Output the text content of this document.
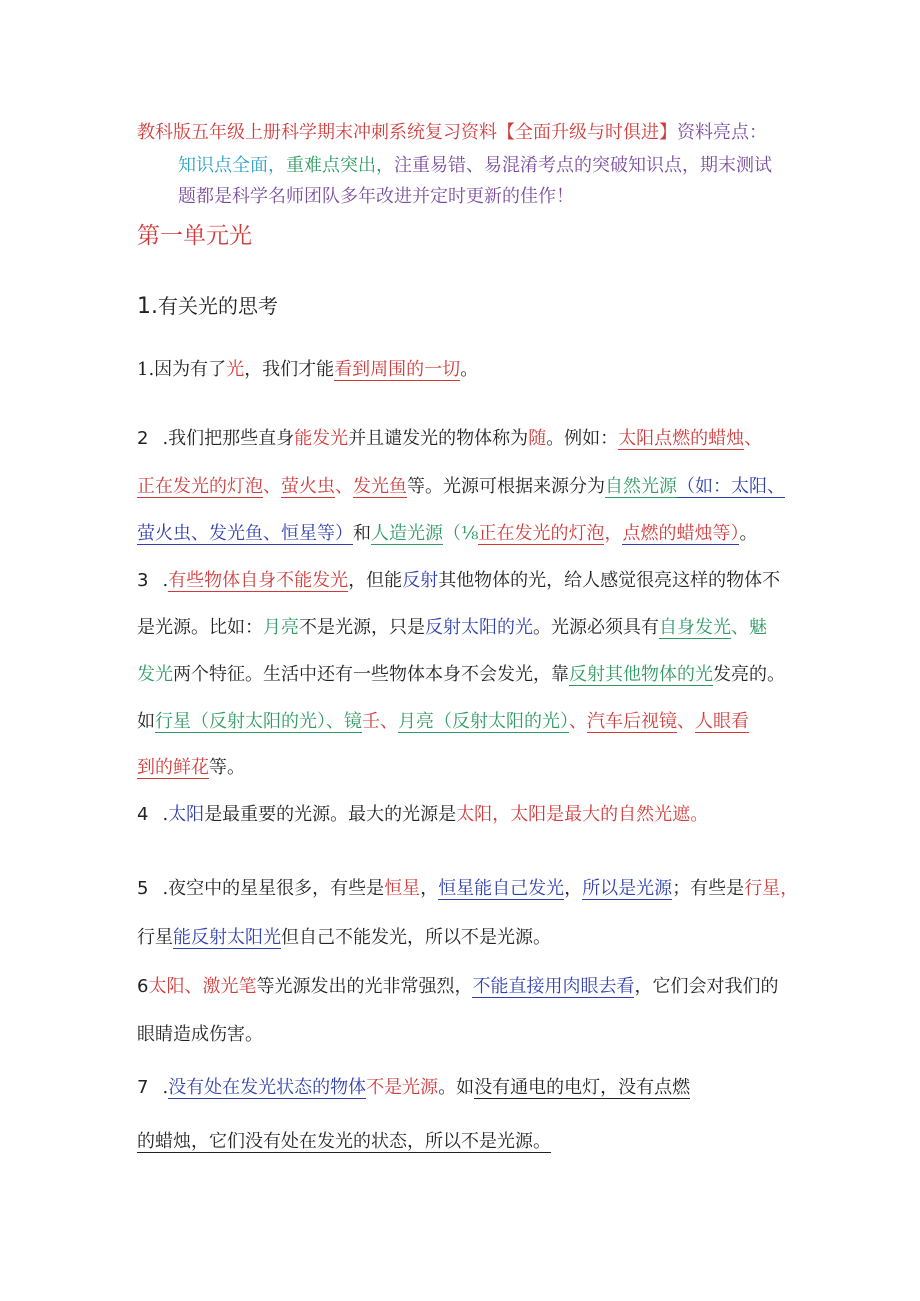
教科版五年级上册科学期末冲刺系统复习资料【全面升级与时俱进】资料亮点：
知识点全面，重难点突出，注重易错、易混淆考点的突破知识点，期末测试
题都是科学名师团队多年改进并定时更新的佳作！
第一单元光
1.有关光的思考
1.因为有了光，我们才能看到周围的一切。
2 .我们把那些直身能发光并且谴发光的物体称为随。例如：太阳点燃的蜡烛、
正在发光的灯泡、萤火虫、发光鱼等。光源可根据来源分为自然光源（如：太阳、
萤火虫、发光鱼、恒星等）和人造光源（⅛正在发光的灯泡，点燃的蜡烛等）。
3 .有些物体自身不能发光，但能反射其他物体的光，给人感觉很亮这样的物体不
是光源。比如：月亮不是光源，只是反射太阳的光。光源必须具有自身发光、魅
发光两个特征。生活中还有一些物体本身不会发光，靠反射其他物体的光发亮的。
如行星（反射太阳的光）、镜壬、月亮（反射太阳的光）、汽车后视镜、人眼看
到的鲜花等。
4 .太阳是最重要的光源。最大的光源是太阳，太阳是最大的自然光遮。
5 .夜空中的星星很多，有些是恒星，恒星能自己发光，所以是光源；有些是行星，
行星能反射太阳光但自己不能发光，所以不是光源。
6太阳、激光笔等光源发出的光非常强烈，不能直接用肉眼去看，它们会对我们的
眼睛造成伤害。
7 .没有处在发光状态的物体不是光源。如没有通电的电灯，没有点燃
的蜡烛，它们没有处在发光的状态，所以不是光源。
